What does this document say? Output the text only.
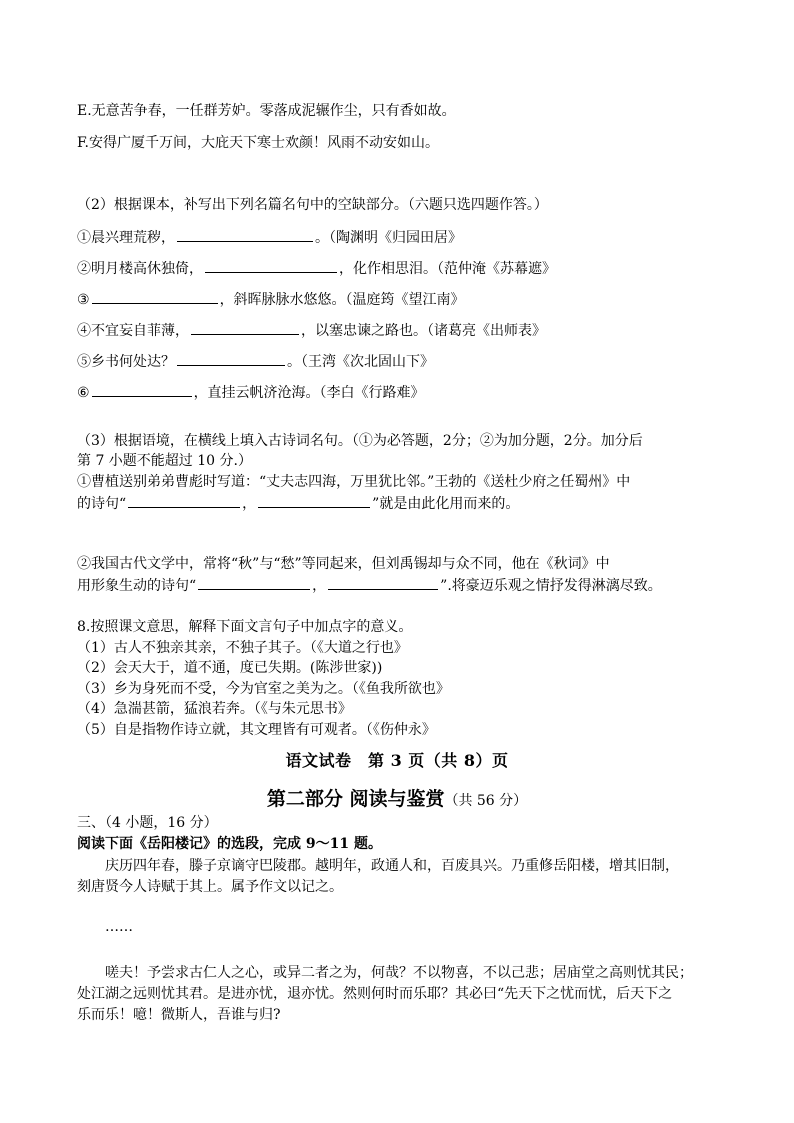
E.无意苦争春，一任群芳妒。零落成泥辗作尘，只有香如故。
F.安得广厦千万间，大庇天下寒士欢颜！风雨不动安如山。
（2）根据课本，补写出下列名篇名句中的空缺部分。（六题只选四题作答。）
①晨兴理荒秽，	。（陶渊明《归园田居》
②明月楼高休独倚，	，化作相思泪。（范仲淹《苏幕遮》
③	，斜晖脉脉水悠悠。（温庭筠《望江南》
④不宜妄自菲薄，	，以塞忠谏之路也。（诸葛亮《出师表》
⑤乡书何处达？	。（王湾《次北固山下》
⑥	，直挂云帆济沧海。（李白《行路难》
（3）根据语境，在横线上填入古诗词名句。（①为必答题，2分；②为加分题，2分。加分后
第 7 小题不能超过 10 分.）
①曹植送别弟弟曹彪时写道：“丈夫志四海，万里犹比邻。”王勃的《送杜少府之任蜀州》中
的诗句“	，	”就是由此化用而来的。
②我国古代文学中，常将“秋”与“愁”等同起来，但刘禹锡却与众不同，他在《秋词》中
用形象生动的诗句“	，	”.将豪迈乐观之情抒发得淋漓尽致。
8.按照课文意思，解释下面文言句子中加点字的意义。
（1）古人不独亲其亲，不独子其子。（《大道之行也》
（2）会天大于，道不通，度已失期。(陈涉世家))
（3）乡为身死而不受，今为官室之美为之。（《鱼我所欲也》
（4）急湍甚箭，猛浪若奔。（《与朱元思书》
（5）自是指物作诗立就，其文理皆有可观者。（《伤仲永》
语文试卷　第 3 页（共 8）页
第二部分 阅读与鉴赏（共 56 分）
三、（4 小题，16 分）
阅读下面《岳阳楼记》的选段，完成 9～11 题。
庆历四年春，滕子京谪守巴陵郡。越明年，政通人和，百废具兴。乃重修岳阳楼，增其旧制，
刻唐贤今人诗赋于其上。属予作文以记之。
……
嗟夫！予尝求古仁人之心，或异二者之为，何哉？不以物喜，不以己悲；居庙堂之高则忧其民；
处江湖之远则忧其君。是进亦忧，退亦忧。然则何时而乐耶？其必曰“先天下之忧而忧，后天下之
乐而乐！噫！微斯人，吾谁与归?
